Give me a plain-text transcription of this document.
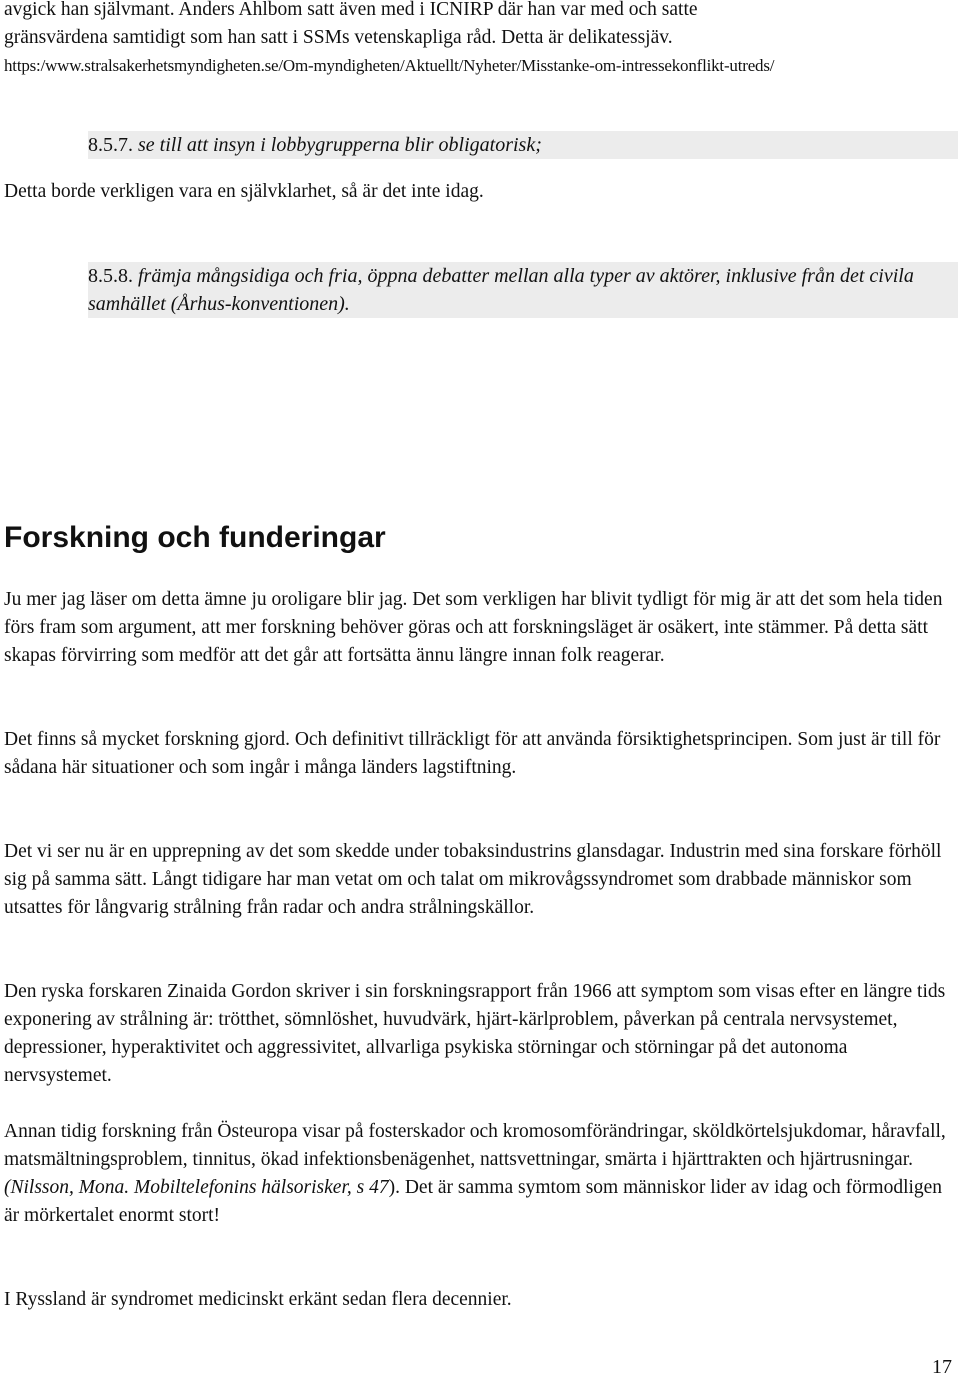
avgick han självmant. Anders Ahlbom satt även med i ICNIRP där han var med och satte
gränsvärdena samtidigt som han satt i SSMs vetenskapliga råd. Detta är delikatessjäv.
https:/www.stralsakerhetsmyndigheten.se/Om-myndigheten/Aktuellt/Nyheter/Misstanke-om-intressekonflikt-utreds/

8.5.7. se till att insyn i lobbygrupperna blir obligatorisk;

Detta borde verkligen vara en självklarhet, så är det inte idag.

8.5.8. främja mångsidiga och fria, öppna debatter mellan alla typer av aktörer, inklusive från det civila samhället (Århus-konventionen).
Forskning och funderingar

Ju mer jag läser om detta ämne ju oroligare blir jag. Det som verkligen har blivit tydligt för mig är att det som hela tiden förs fram som argument, att mer forskning behöver göras och att forskningsläget är osäkert, inte stämmer. På detta sätt skapas förvirring som medför att det går att fortsätta ännu längre innan folk reagerar.

Det finns så mycket forskning gjord. Och definitivt tillräckligt för att använda försiktighetsprincipen. Som just är till för sådana här situationer och som ingår i många länders lagstiftning.

Det vi ser nu är en upprepning av det som skedde under tobaksindustrins glansdagar. Industrin med sina forskare förhöll sig på samma sätt. Långt tidigare har man vetat om och talat om mikrovågssyndromet som drabbade människor som utsattes för långvarig strålning från radar och andra strålningskällor.

Den ryska forskaren Zinaida Gordon skriver i sin forskningsrapport från 1966 att symptom som visas efter en längre tids exponering av strålning är: trötthet, sömnlöshet, huvudvärk, hjärt-kärlproblem, påverkan på centrala nervsystemet, depressioner, hyperaktivitet och aggressivitet, allvarliga psykiska störningar och störningar på det autonoma nervsystemet.

Annan tidig forskning från Östeuropa visar på fosterskador och kromosomförändringar, sköldkörtelsjukdomar, håravfall, matsmältningsproblem, tinnitus, ökad infektionsbenägenhet, nattsvettningar, smärta i hjärttrakten och hjärtrusningar. (Nilsson, Mona. Mobiltelefonins hälsorisker, s 47). Det är samma symtom som människor lider av idag och förmodligen är mörkertalet enormt stort!

I Ryssland är syndromet medicinskt erkänt sedan flera decennier.

17
